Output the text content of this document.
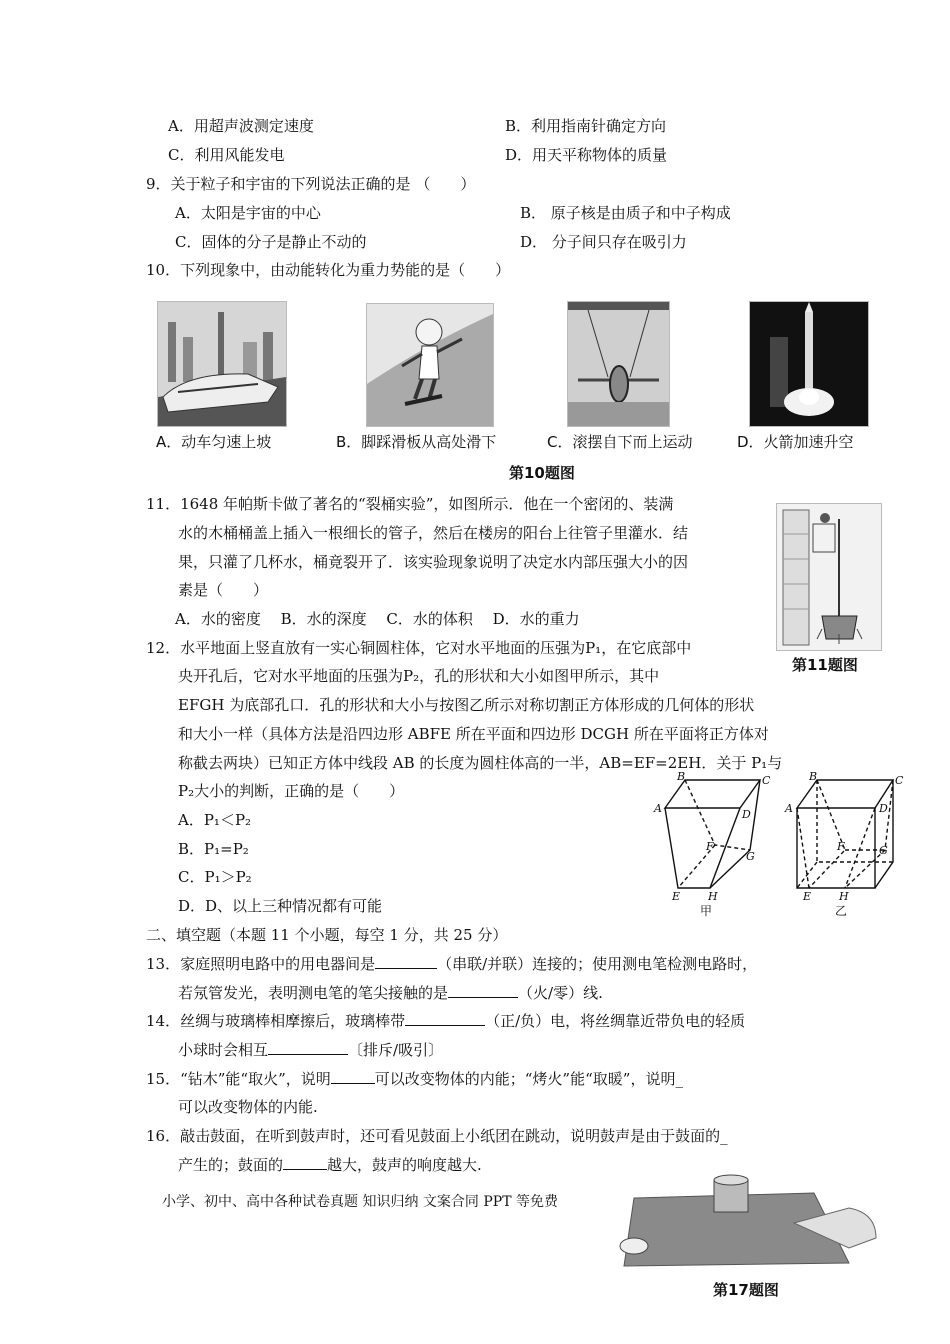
A．用超声波测定速度	B．利用指南针确定方向
C．利用风能发电	D．用天平称物体的质量
9．关于粒子和宇宙的下列说法正确的是 （　　）
A．太阳是宇宙的中心	B． 原子核是由质子和中子构成
C．固体的分子是静止不动的	D． 分子间只存在吸引力
10．下列现象中，由动能转化为重力势能的是（　　）
A．动车匀速上坡	B．脚踩滑板从高处滑下	C．滚摆自下而上运动	D．火箭加速升空
第10题图
11．1648 年帕斯卡做了著名的“裂桶实验”，如图所示．他在一个密闭的、装满
水的木桶桶盖上插入一根细长的管子，然后在楼房的阳台上往管子里灌水．结
果，只灌了几杯水，桶竟裂开了．该实验现象说明了决定水内部压强大小的因
素是（　　）
A．水的密度　 B．水的深度　 C．水的体积　 D．水的重力
第11题图
12．水平地面上竖直放有一实心铜圆柱体，它对水平地面的压强为P₁，在它底部中
央开孔后，它对水平地面的压强为P₂，孔的形状和大小如图甲所示，其中
EFGH 为底部孔口．孔的形状和大小与按图乙所示对称切割正方体形成的几何体的形状
和大小一样（具体方法是沿四边形 ABFE 所在平面和四边形 DCGH 所在平面将正方体对
称截去两块）已知正方体中线段 AB 的长度为圆柱体高的一半，AB=EF=2EH．关于 P₁与
P₂大小的判断，正确的是（　　）
A．P₁＜P₂
B．P₁=P₂
C．P₁＞P₂
D．D、以上三种情况都有可能
B	C
A	D
F
G
E	H
甲
B	C
A	D
F	G
E	H
乙
二、填空题（本题 11 个小题，每空 1 分，共 25 分）
13．家庭照明电路中的用电器间是	（串联/并联）连接的；使用测电笔检测电路时，
若氖管发光，表明测电笔的笔尖接触的是	（火/零）线.
14．丝绸与玻璃棒相摩擦后，玻璃棒带	（正/负）电，将丝绸靠近带负电的轻质
小球时会相互	〔排斥/吸引〕
15．“钻木”能“取火”，说明	可以改变物体的内能；“烤火”能“取暖”，说明_
可以改变物体的内能.
16．敲击鼓面，在听到鼓声时，还可看见鼓面上小纸团在跳动，说明鼓声是由于鼓面的_
产生的；鼓面的	越大，鼓声的响度越大.
小学、初中、高中各种试卷真题 知识归纳 文案合同 PPT 等免费
第17题图
